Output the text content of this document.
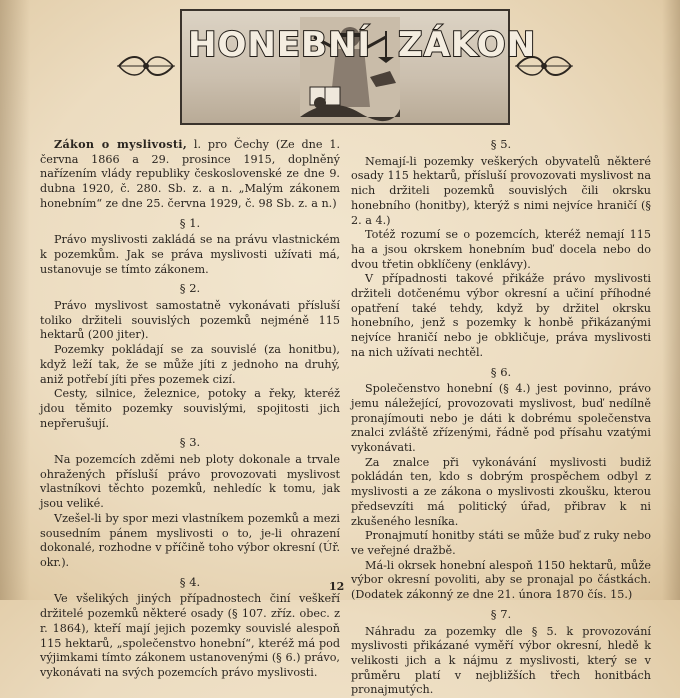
HONEBNÍ ZÁKON

Zákon o myslivosti, l. pro Čechy (Ze dne 1. června 1866 a 29. prosince 1915, doplněný nařízením vlády republiky československé ze dne 9. dubna 1920, č. 280. Sb. z. a n. „Malým zákonem honebním“ ze dne 25. června 1929, č. 98 Sb. z. a n.)

§ 1.

Právo myslivosti zakládá se na právu vlastnickém k pozemkům. Jak se práva myslivosti užívati má, ustanovuje se tímto zákonem.

§ 2.

Právo myslivost samostatně vykonávati přísluší toliko držiteli souvislých pozemků nejméně 115 hektarů (200 jiter).

Pozemky pokládají se za souvislé (za honitbu), když leží tak, že se může jíti z jednoho na druhý, aniž potřebí jíti přes pozemek cizí.

Cesty, silnice, železnice, potoky a řeky, kteréž jdou těmito pozemky souvislými, spojitosti jich nepřerušují.

§ 3.

Na pozemcích zděmi neb ploty dokonale a trvale ohražených přísluší právo provozovati myslivost vlastníkovi těchto pozemků, nehledíc k tomu, jak jsou veliké.

Vzešel-li by spor mezi vlastníkem pozemků a mezi sousedním pánem myslivosti o to, je-li ohrazení dokonalé, rozhodne v příčině toho výbor okresní (Úř. okr.).

§ 4.

Ve všelikých jiných případnostech činí veškeří držitelé pozemků některé osady (§ 107. zříz. obec. z r. 1864), kteří mají jejich pozemky souvislé alespoň 115 hektarů, „společenstvo honební“, kteréž má pod výjimkami tímto zákonem ustanovenými (§ 6.) právo, vykonávati na svých pozemcích právo myslivosti.

§ 5.

Nemají-li pozemky veškerých obyvatelů některé osady 115 hektarů, přísluší provozovati myslivost na nich držiteli pozemků souvislých čili okrsku honebního (honitby), kterýž s nimi nejvíce hraničí (§ 2. a 4.)

Totéž rozumí se o pozemcích, kteréž nemají 115 ha a jsou okrskem honebním buď docela nebo do dvou třetin obklíčeny (enklávy).

V případnosti takové přikáže právo myslivosti držiteli dotčenému výbor okresní a učiní příhodné opatření také tehdy, když by držitel okrsku honebního, jenž s pozemky k honbě přikázanými nejvíce hraničí nebo je obkličuje, práva myslivosti na nich užívati nechtěl.

§ 6.

Společenstvo honební (§ 4.) jest povinno, právo jemu náležející, provozovati myslivost, buď nedílně pronajímouti nebo je dáti k dobrému společenstva znalci zvláště zřízenými, řádně pod přísahu vzatými vykonávati.

Za znalce při vykonávání myslivosti budiž pokládán ten, kdo s dobrým prospěchem odbyl z myslivosti a ze zákona o myslivosti zkoušku, kterou předsevzíti má politický úřad, přibrav k ni zkušeného lesníka.

Pronajmutí honitby státi se může buď z ruky nebo ve veřejné dražbě.

Má-li okrsek honební alespoň 1150 hektarů, může výbor okresní povoliti, aby se pronajal po částkách. (Dodatek zákonný ze dne 21. února 1870 čís. 15.)

§ 7.

Náhradu za pozemky dle § 5. k provozování myslivosti přikázané vyměří výbor okresní, hledě k velikosti jich a k nájmu z myslivosti, který se v průměru platí v nejbližších třech honitbách pronajmutých.

12
